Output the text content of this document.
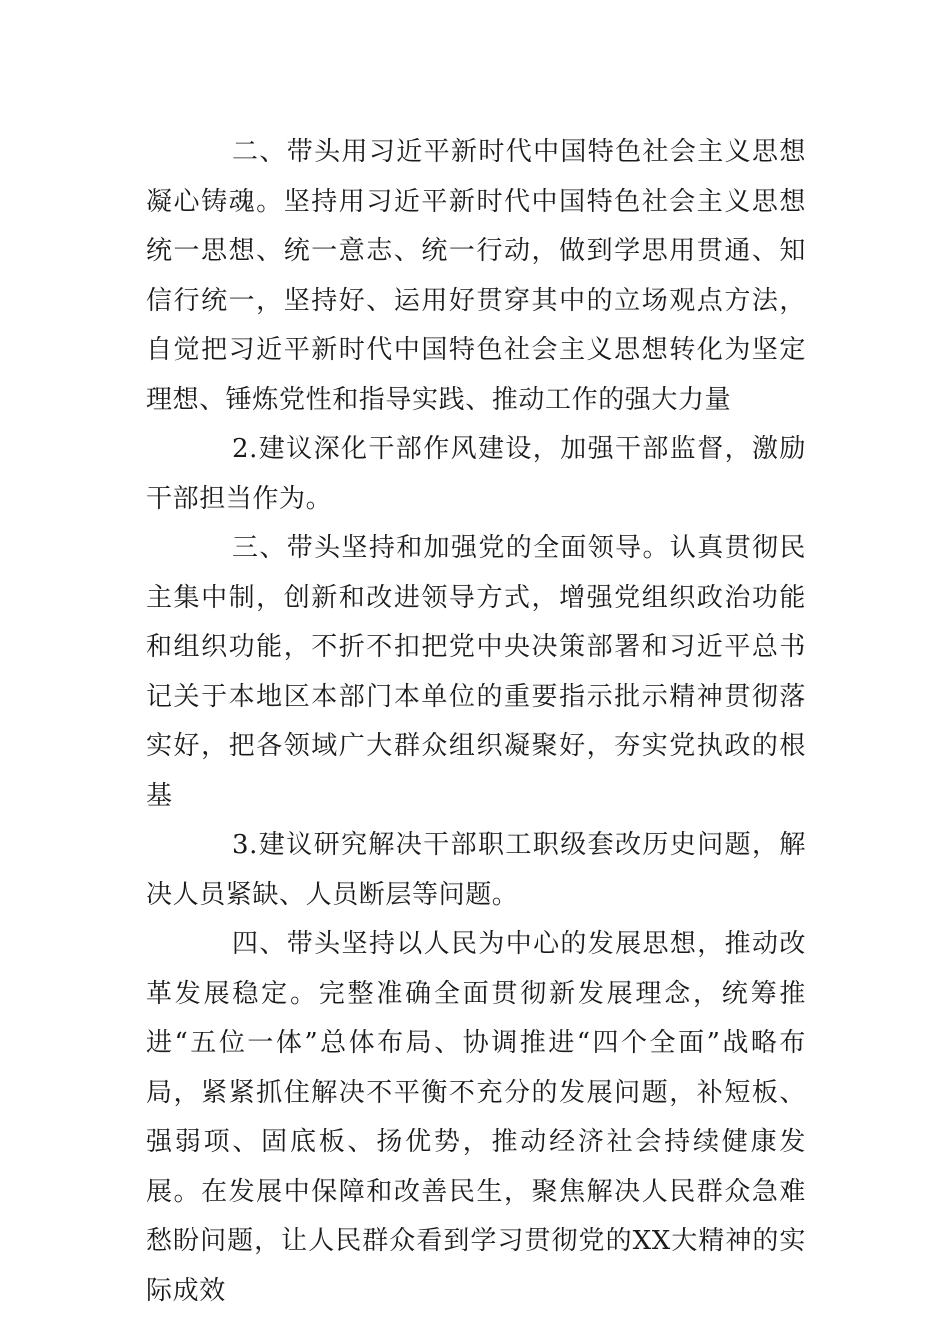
二、带头用习近平新时代中国特色社会主义思想凝心铸魂。坚持用习近平新时代中国特色社会主义思想统一思想、统一意志、统一行动，做到学思用贯通、知信行统一，坚持好、运用好贯穿其中的立场观点方法，自觉把习近平新时代中国特色社会主义思想转化为坚定理想、锤炼党性和指导实践、推动工作的强大力量

2.建议深化干部作风建设，加强干部监督，激励干部担当作为。

三、带头坚持和加强党的全面领导。认真贯彻民主集中制，创新和改进领导方式，增强党组织政治功能和组织功能，不折不扣把党中央决策部署和习近平总书记关于本地区本部门本单位的重要指示批示精神贯彻落实好，把各领域广大群众组织凝聚好，夯实党执政的根基

3.建议研究解决干部职工职级套改历史问题，解决人员紧缺、人员断层等问题。

四、带头坚持以人民为中心的发展思想，推动改革发展稳定。完整准确全面贯彻新发展理念，统筹推进“五位一体”总体布局、协调推进“四个全面”战略布局，紧紧抓住解决不平衡不充分的发展问题，补短板、强弱项、固底板、扬优势，推动经济社会持续健康发展。在发展中保障和改善民生，聚焦解决人民群众急难愁盼问题，让人民群众看到学习贯彻党的XX大精神的实际成效
